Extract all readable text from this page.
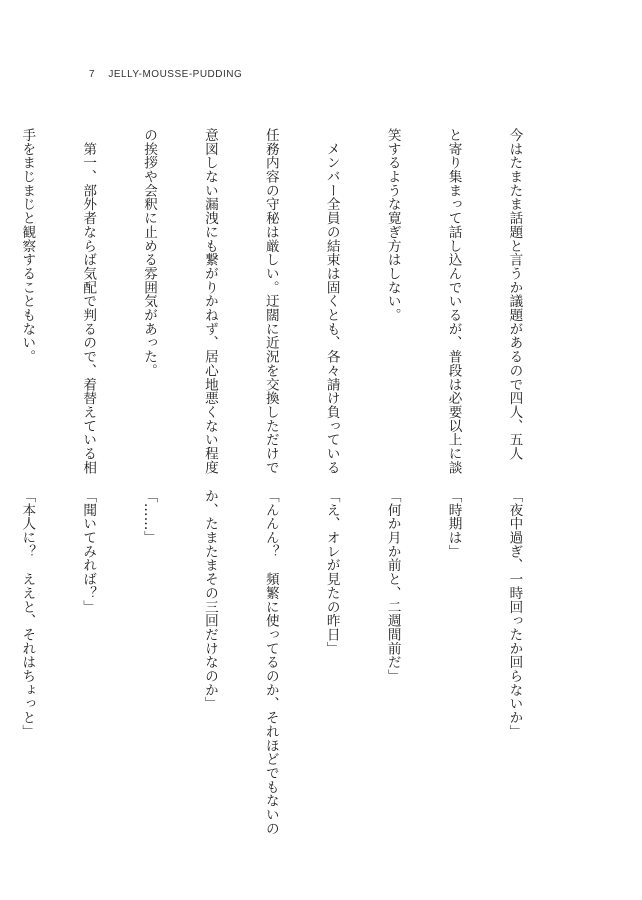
7 JELLY-MOUSSE-PUDDING

今はたまたま話題と言うか議題があるので四人、五人

と寄り集まって話し込んでいるが、普段は必要以上に談

笑するような寛ぎ方はしない。

　メンバー全員の結束は固くとも、各々請け負っている

任務内容の守秘は厳しい。迂闊に近況を交換しただけで

意図しない漏洩にも繋がりかねず、居心地悪くない程度

の挨拶や会釈に止める雰囲気があった。

　第一、部外者ならば気配で判るので、着替えている相

手をまじまじと観察することもない。

「夜中過ぎ、一時回ったか回らないか」

「時期は」

「何か月か前と、二週間前だ」

「え、オレが見たの昨日」

「んんん？　頻繁に使ってるのか、それほどでもないの

か、たまたまその三回だけなのか」

「……」

「聞いてみれば？」

「本人に？　ええと、それはちょっと」
